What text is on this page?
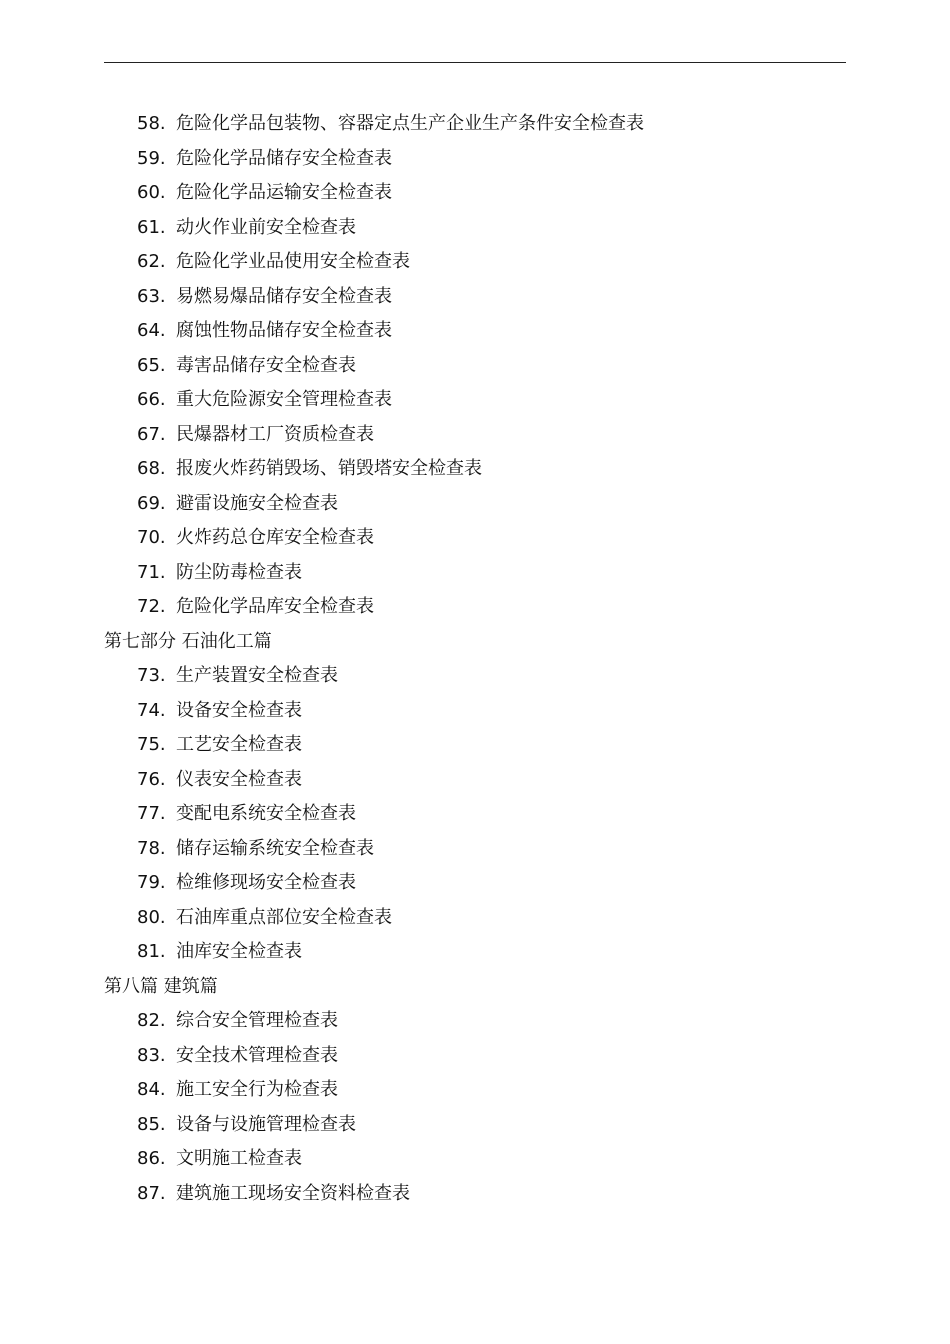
58. 危险化学品包装物、容器定点生产企业生产条件安全检查表
59. 危险化学品储存安全检查表
60. 危险化学品运输安全检查表
61. 动火作业前安全检查表
62. 危险化学业品使用安全检查表
63. 易燃易爆品储存安全检查表
64. 腐蚀性物品储存安全检查表
65. 毒害品储存安全检查表
66. 重大危险源安全管理检查表
67. 民爆器材工厂资质检查表
68. 报废火炸药销毁场、销毁塔安全检查表
69. 避雷设施安全检查表
70. 火炸药总仓库安全检查表
71. 防尘防毒检查表
72. 危险化学品库安全检查表
第七部分 石油化工篇
73. 生产装置安全检查表
74. 设备安全检查表
75. 工艺安全检查表
76. 仪表安全检查表
77. 变配电系统安全检查表
78. 储存运输系统安全检查表
79. 检维修现场安全检查表
80. 石油库重点部位安全检查表
81. 油库安全检查表
第八篇 建筑篇
82. 综合安全管理检查表
83. 安全技术管理检查表
84. 施工安全行为检查表
85. 设备与设施管理检查表
86. 文明施工检查表
87. 建筑施工现场安全资料检查表
